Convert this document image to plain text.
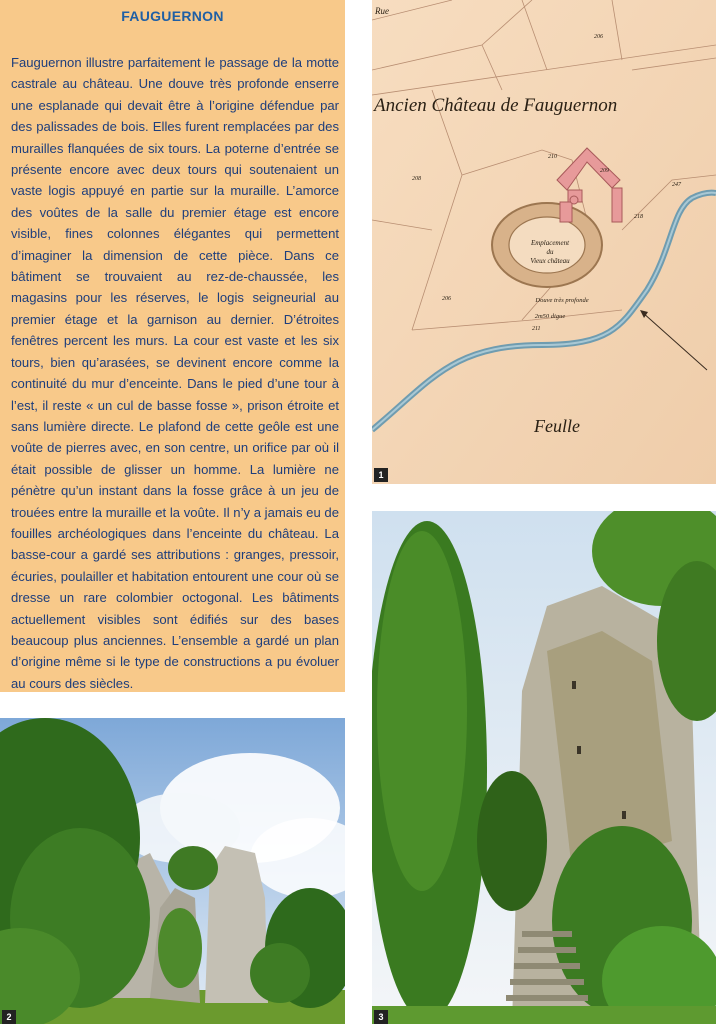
FAUGUERNON
Fauguernon illustre parfaitement le passage de la motte castrale au château. Une douve très profonde enserre une esplanade qui devait être à l’origine défendue par des palissades de bois. Elles furent remplacées par des murailles flanquées de six tours. La poterne d’entrée se présente encore avec deux tours qui soutenaient un vaste logis appuyé en partie sur la muraille. L’amorce des voûtes de la salle du premier étage est encore visible, fines colonnes élégantes qui permettent d’imaginer la dimension de cette pièce. Dans ce bâtiment se trouvaient au rez-de-chaussée, les magasins pour les réserves, le logis seigneurial au premier étage et la garnison au dernier. D’étroites fenêtres percent les murs. La cour est vaste et les six tours, bien qu’arasées, se devinent encore comme la continuité du mur d’enceinte. Dans le pied d’une tour à l’est, il reste « un cul de basse fosse », prison étroite et sans lumière directe. Le plafond de cette geôle est une voûte de pierres avec, en son centre, un orifice par où il était possible de glisser un homme. La lumière ne pénètre qu’un instant dans la fosse grâce à un jeu de trouées entre la muraille et la voûte. Il n’y a jamais eu de fouilles archéologiques dans l’enceinte du château. La basse-cour a gardé ses attributions : granges, pressoir, écuries, poulailler et habitation entourent une cour où se dresse un rare colombier octogonal. Les bâtiments actuellement visibles sont édifiés sur des bases beaucoup plus anciennes. L’ensemble a gardé un plan d’origine même si le type de constructions a pu évoluer au cours des siècles.
Rue
Ancien Château de Fauguernon
Emplacement
du
Vieux château
Douve très profonde
2m50 digue
Feulle
206
208
210
209
206
218
211
247
1
2	3
